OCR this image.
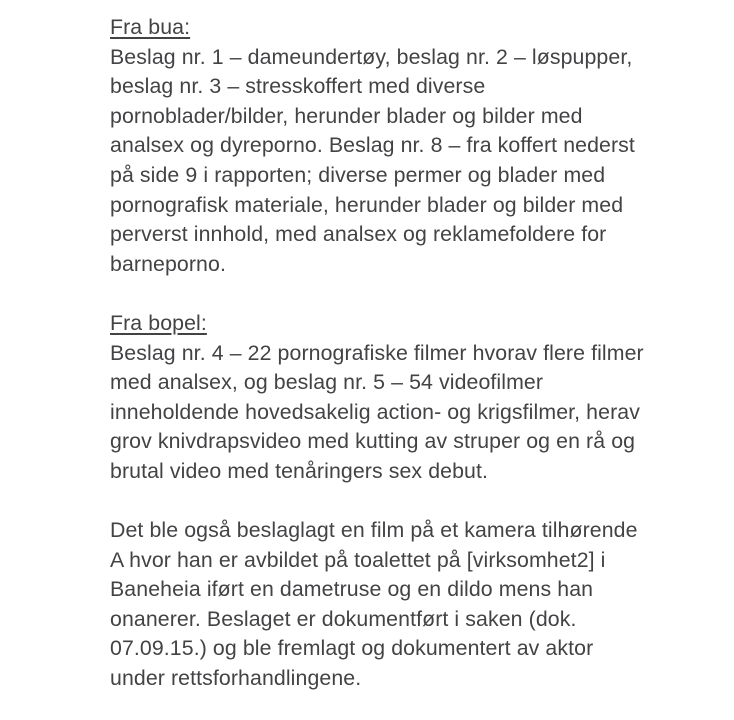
Fra bua:
Beslag nr. 1 – dameundertøy, beslag nr. 2 – løspupper,
beslag nr. 3 – stresskoffert med diverse
pornoblader/bilder, herunder blader og bilder med
analsex og dyreporno. Beslag nr. 8 – fra koffert nederst
på side 9 i rapporten; diverse permer og blader med
pornografisk materiale, herunder blader og bilder med
perverst innhold, med analsex og reklamefoldere for
barneporno.
Fra bopel:
Beslag nr. 4 – 22 pornografiske filmer hvorav flere filmer
med analsex, og beslag nr. 5 – 54 videofilmer
inneholdende hovedsakelig action- og krigsfilmer, herav
grov knivdrapsvideo med kutting av struper og en rå og
brutal video med tenåringers sex debut.
Det ble også beslaglagt en film på et kamera tilhørende
A hvor han er avbildet på toalettet på [virksomhet2] i
Baneheia iført en dametruse og en dildo mens han
onanerer. Beslaget er dokumentført i saken (dok.
07.09.15.) og ble fremlagt og dokumentert av aktor
under rettsforhandlingene.
